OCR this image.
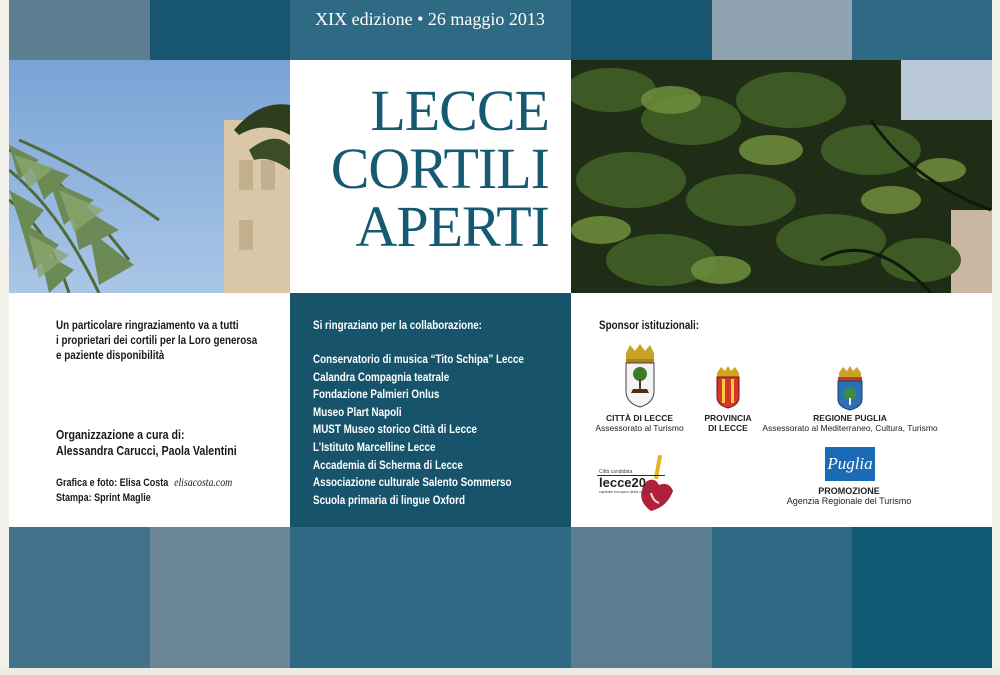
XIX edizione • 26 maggio 2013
LECCE
CORTILI
APERTI
Un particolare ringraziamento va a tutti
i proprietari dei cortili per la Loro generosa
e paziente disponibilità
Organizzazione a cura di:
Alessandra Carucci, Paola Valentini
Grafica e foto: Elisa Costa elisacosta.com
Stampa: Sprint Maglie
Si ringraziano per la collaborazione:
Conservatorio di musica “Tito Schipa” Lecce
Calandra Compagnia teatrale
Fondazione Palmieri Onlus
Museo Plart Napoli
MUST Museo storico Città di Lecce
L’Istituto Marcelline Lecce
Accademia di Scherma di Lecce
Associazione culturale Salento Sommerso
Scuola primaria di lingue Oxford
Sponsor istituzionali:
CITTÀ DI LECCE
Assessorato al Turismo
PROVINCIA
DI LECCE
REGIONE PUGLIA
Assessorato al Mediterraneo, Cultura, Turismo
Città candidata
lecce20
capitale europea della cultura
Puglia
PROMOZIONE
Agenzia Regionale del Turismo
